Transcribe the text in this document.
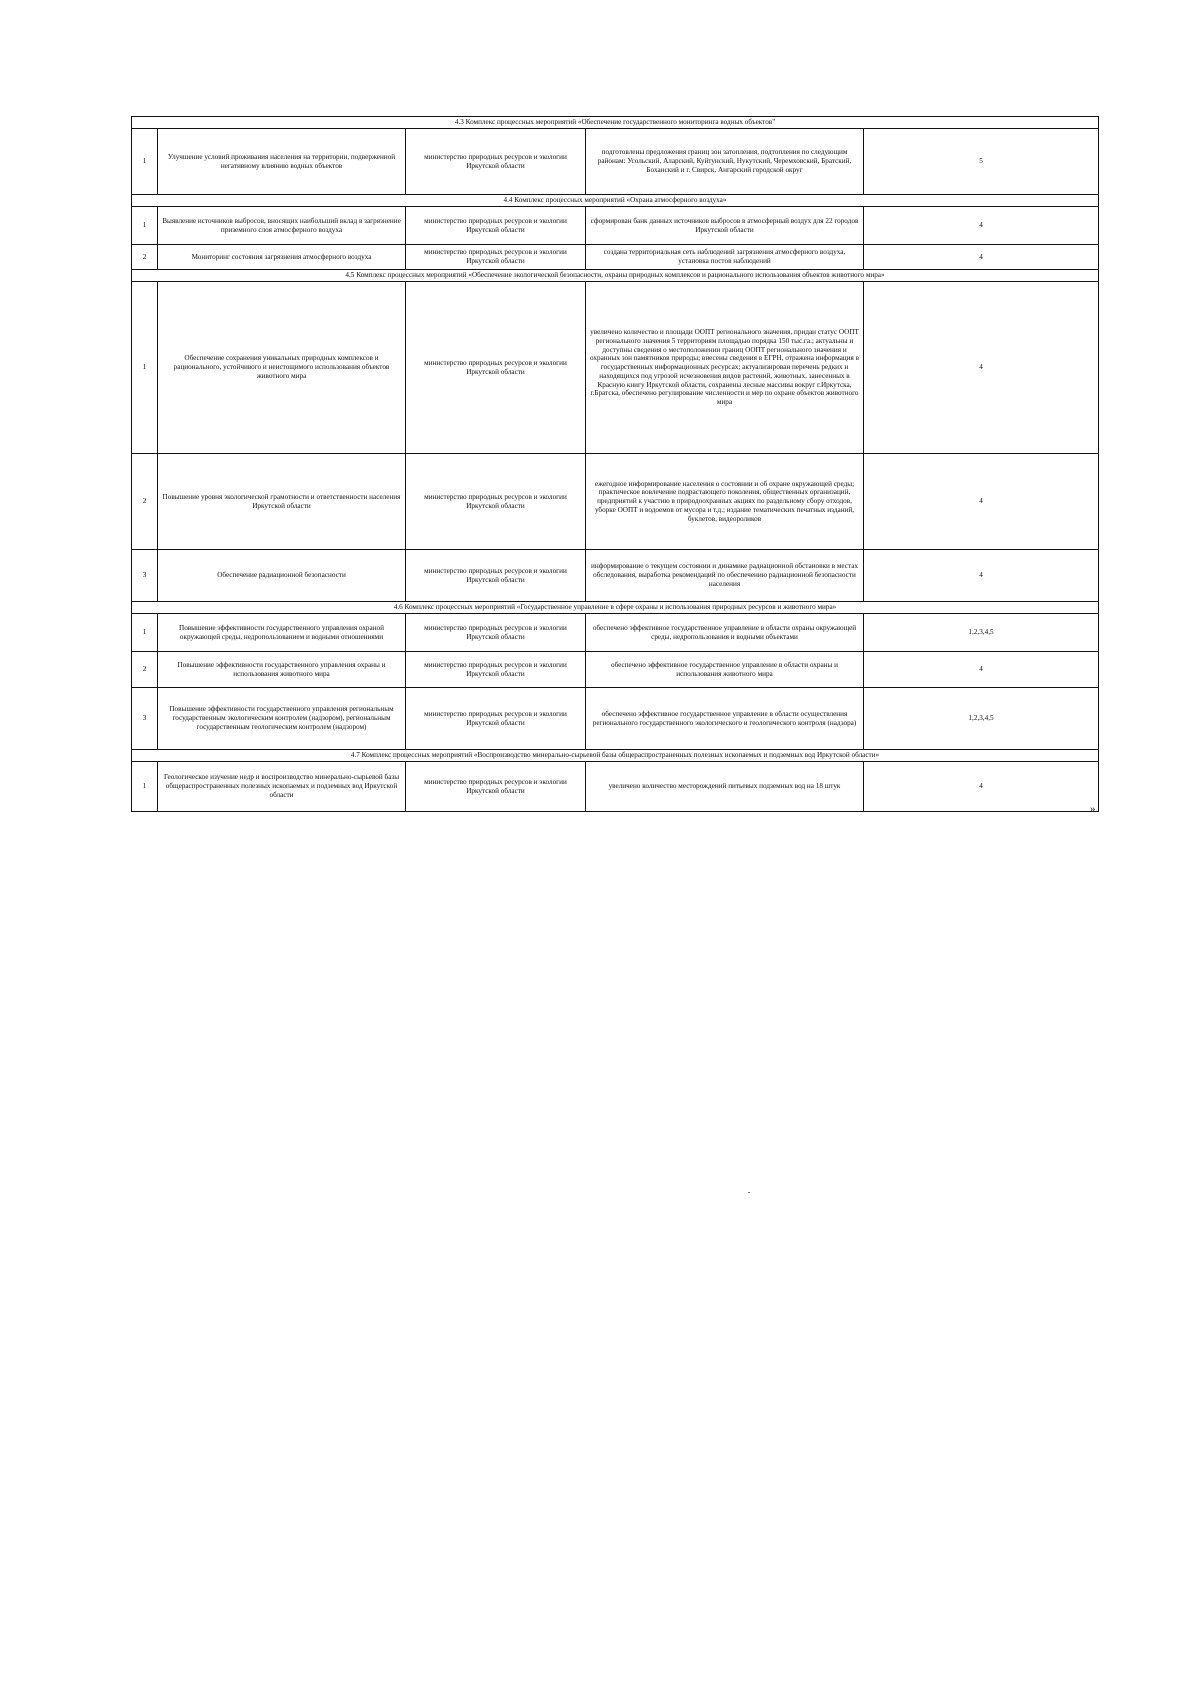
4.3 Комплекс процессных мероприятий «Обеспечение государственного мониторинга водных объектов"				
1	Улучшение условий проживания населения на территории, подверженной негативному влиянию водных объектов	министерство природных ресурсов и экологии Иркутской области	подготовлены предложения границ зон затопления, подтопления по следующим районам: Усольский, Аларский, Куйтунский, Нукутский, Черемховский, Братский, Боханский и г. Свирск, Ангарский городской округ	5
4.4 Комплекс процессных мероприятий «Охрана атмосферного воздуха»				
1	Выявление источников выбросов, вносящих наибольший вклад в загрязнение приземного слоя атмосферного воздуха	министерство природных ресурсов и экологии Иркутской области	сформирован банк данных источников выбросов в атмосферный воздух для 22 городов Иркутской области	4
2	Мониторинг состояния загрязнения атмосферного воздуха	министерство природных ресурсов и экологии Иркутской области	создана территориальная сеть наблюдений загрязнения атмосферного воздуха, установка постов наблюдений	4
4.5 Комплекс процессных мероприятий «Обеспечение экологической безопасности, охраны природных комплексов и рационального использования объектов животного мира»				
1	Обеспечение сохранения уникальных природных комплексов и рационального, устойчивого и неистощимого использования объектов животного мира	министерство природных ресурсов и экологии Иркутской области	увеличено количество и площади ООПТ регионального значения, придан статус ООПТ регионального значения 5 территориям площадью порядка 150 тыс.га.; актуальны и доступны сведения о местоположении границ ООПТ регионального значения и охранных зон памятников природы; внесены сведения в ЕГРН, отражена информация в государственных информационных ресурсах; актуализирован перечень редких и находящихся под угрозой исчезновения видов растений, животных, занесенных в Красную книгу Иркутской области, сохранены лесные массивы вокруг г.Иркутска, г.Братска, обеспечено регулирование численности и мер по охране объектов животного мира	4
2	Повышение уровня экологической грамотности и ответственности населения Иркутской области	министерство природных ресурсов и экологии Иркутской области	ежегодное информирование населения о состоянии и об охране окружающей среды; практическое вовлечение подрастающего поколения, общественных организаций, предприятий к участию в природоохранных акциях по раздельному сбору отходов, уборке ООПТ и водоемов от мусора и т.д.; издание тематических печатных изданий, буклетов, видеороликов	4
3	Обеспечение радиационной безопасности	министерство природных ресурсов и экологии Иркутской области	информирование о текущем состоянии и динамике радиационной обстановки в местах обследования, выработка рекомендаций по обеспечению радиационной безопасности населения	4
4.6 Комплекс процессных мероприятий «Государственное управление в сфере охраны и использования природных ресурсов и животного мира»				
1	Повышение эффективности государственного управления охраной окружающей среды, недропользованием и водными отношениями	министерство природных ресурсов и экологии Иркутской области	обеспечено эффективное государственное управление в области охраны окружающей среды, недропользования и водными объектами	1,2,3,4,5
2	Повышение эффективности государственного управления охраны и использования животного мира	министерство природных ресурсов и экологии Иркутской области	обеспечено эффективное государственное управление в области охраны и использования животного мира	4
3	Повышение эффективности государственного управления региональным государственным экологическим контролем (надзором), региональным государственным геологическим контролем (надзором)	министерство природных ресурсов и экологии Иркутской области	обеспечено эффективное государственное управление в области осуществления регионального государственного экологического и геологического контроля (надзора)	1,2,3,4,5
4.7 Комплекс процессных мероприятий «Воспроизводство минерально-сырьевой базы общераспространенных полезных ископаемых и подземных вод Иркутской области»				
1	Геологическое изучение недр и воспроизводство минерально-сырьевой базы общераспространенных полезных ископаемых и подземных вод Иркутской области	министерство природных ресурсов и экологии Иркутской области	увеличено количество месторождений питьевых подземных вод на 18 штук	4
».
